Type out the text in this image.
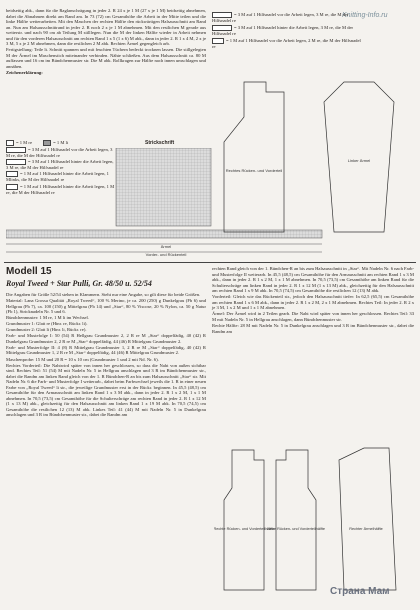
Knitting-Info.ru

beidseitig abk., dann für die Raglanschrägung in jeder 2. R 24 x je 1 M (27 x je 1 M) beidseitig abnehmen, dabei die Abnahmen direkt am Rand am. In 73 (72) cm Gesamthöhe die Arbeit in der Mitte teilen und die linke Hälfte weiterarbeiten. Mit den Maschen der rechten Hälfte den rückwärtigen Halsausschnitt am Rand an. Nun am Halsausschnittrand in jeder 2. R noch 2 x je 1 M abnehmen. Mit den restlichen M gerade aus weiterstr. und nach 90 cm ab Teilung M stilllegen. Nun die M der linken Hälfte wieder in Arbeit nehmen und für den vorderen Halsausschnitt am rechten Rand 1 x 5 (1 x 6) M abk., dann in jeder 2. R 1 x 4 M, 2 x je 3 M, 5 x je 2 M abnehmen, dann die restlichen 2 M abk. Rechten Ärmel gegengleich arb.

Fertigstellung: Teile lt. Schnitt spannen und mit feuchten Tüchern bedeckt trocknen lassen. Die stillgelegten M der Ärmel im Maschenstich miteinander verbinden. Nähte schließen. Aus dem Halsausschnitt ca. 80 M auffassen und 16 cm im Bündchenmuster str. Die M abk. Rollkragen zur Hälfte nach innen umschlagen und annähen.

Zeichenerklärung:

= 1 M re	= 1 M li
= 3 M auf 1 Hilfsnadel vor die Arbeit legen, 3 M re, die M der Hilfsnadel re
= 3 M auf 1 Hilfsnadel hinter die Arbeit legen, 3 M re, die M der Hilfsnadel re
= 1 M auf 1 Hilfsnadel hinter die Arbeit legen, 1 Mlinks, die M der Hilfsnadel re
= 1 M auf 1 Hilfsnadel hinter die Arbeit legen, 1 M re, die M der Hilfsnadel re
Strickschrift
Ärmel
Vorder- und Rückenteil
= 3 M auf 1 Hilfsnadel vor die Arbeit legen, 3 M re, die M der Hilfsnadel re
= 3 M auf 1 Hilfsnadel hinter die Arbeit legen, 3 M re, die M der Hilfsnadel re
= 1 M auf 1 Hilfsnadel vor die Arbeit legen, 2 M re, die M der Hilfsnadel re
Rechtes Rücken- und Vorderteil
Linker Ärmel
Modell 15
Royal Tweed + Star Pulli, Gr. 48/50 u. 52/54

Die Angaben für Größe 52/54 stehen in Klammern. Steht nur eine Angabe, so gilt diese für beide Größen.

Material: Lana Grossa Qualität „Royal Tweed“, 100 % Merino, je ca. 200 (250) g Dunkelgrau (Fb 6) und Hellgrau (Fb 7), ca. 100 (150) g Mittelgrau (Fb 14) und „Star“, 80 % Viscose, 20 % Nylon, ca. 50 g Natur (Fb 1), Stricknadeln Nr. 5 und 6.

Bündchenmuster: 1 M re, 1 M li im Wechsel.

Grundmuster 1: Glatt re (Hinr. re, Rückr. li).

Grundmuster 2: Glatt li (Hinr. li, Rückr. re).

Farb- und Mustefolge I: 50 (54) R Hellgrau Grundmuster 2, 2 R re M „Star“ doppelfädig, 40 (42) R Dunkelgrau Grundmuster 2, 2 R re M „Star“ doppelfädig, 44 (46) R Mittelgrau Grundmuster 2.

Farb- und Musterfolge II: 4 (8) R Mittelgrau Grundmuster 1, 2 R re M „Star“ doppelfädig, 40 (42) R Mittelgrau Grundmuster 1, 2 R re M „Star“ doppelfädig, 44 (46) R Mittelgrau Grundmuster 2.

Maschenprobe: 15 M und 20 R = 10 x 10 cm (Grundmuster 1 und 2 mit Nd. Nr. 6).

Rechtes Vorderteil: Die Nahtwird später von innen her geschlossen, so dass die Naht von außen sichtbar sind. Rechtes Teil: 51 (54) M mit Nadeln Nr. 5 in Hellgrau anschlagen und 3 R im Bündchenmuster str., dabei die Randm am linken Rand gleich von der 1. R Bündchen-R an bis zum Halsausschnitt „Star“ str. Mit Nadeln Nr. 6 die Farb- und Musterfolge I weiterarb., dabei beim Farbwechsel jeweils die 1. R in einer neuen Farbe von „Royal Tweed“ li str., die jeweilige Grundmuster erst in der Rückr. beginnen. In 45,5 (48,5) cm Gesamthöhe für den Armausschnitt am linken Rand 1 x 3 M abk., dann in jeder 2. R 1 x 2 M, 1 x 1 M abnehmen. In 70,5 (73,5) cm Gesamthöhe für die Schulterschräge am rechten Rand in jeder 2. R 1 x 12 M (1 x 13 M) abk., gleichzeitig für den Halsausschnitt am linken Rand 1 x 19 M abk. In 70,5 (74,5) cm Gesamthöhe die restlichen 12 (13) M abk. Linkes Teil: 41 (44) M mit Nadeln Nr. 5 in Dunkelgrau anschlagen und 3 R im Bündchenmuster str., dabei die Randm am

rechten Rand gleich von der 1. Bündchen-R an bis zum Halsausschnitt in „Star“. Mit Nadeln Nr. 6 nach Farb- und Musterfolge II weiterarb. In 45,5 (48,5) cm Gesamthöhe für den Armausschnitt am rechten Rand 1 x 3 M abk., dann in jeder 2. R 1 x 2 M, 1 x 1 M abnehmen. In 70,5 (73,5) cm Gesamthöhe am linken Rand für die Schulterschräge am linken Rand in jeder 2. R 1 x 12 M (1 x 13 M) abk., gleichzeitig für den Halsausschnitt am rechten Rand 1 x 9 M abk. In 70,5 (74,5) cm Gesamthöhe die restlichen 12 (13) M abk.

Vorderteil: Gleich wie das Rückenteil str., jedoch den Halsausschnitt tiefer: In 62,5 (65,5) cm Gesamthöhe am rechten Rand 1 x 6 M abk., dann in jeder 2. R 1 x 2 M, 2 x 1 M abnehmen. Rechtes Teil: In jeder 2. R 2 x je 3 M, 1 x 2 M und 1 x 1 M abnehmen.

Ärmel: Der Ärmel wird in 2 Teilen gearb. Die Naht wird später von innen her geschlossen. Rechtes Teil: 33 M mit Nadeln Nr. 5 in Hellgrau anschlagen, dann Bündchenmuster str.

Rechte Hälfte: 28 M mit Nadeln Nr. 5 in Dunkelgrau anschlagen und 3 R im Bündchenmuster str., dabei die Randm am

Rechte Rücken- und Vorderteilhälfte
Linke Rücken- und Vorderteilhälfte	Rechter Ärmelhälfte
Страна Мам
